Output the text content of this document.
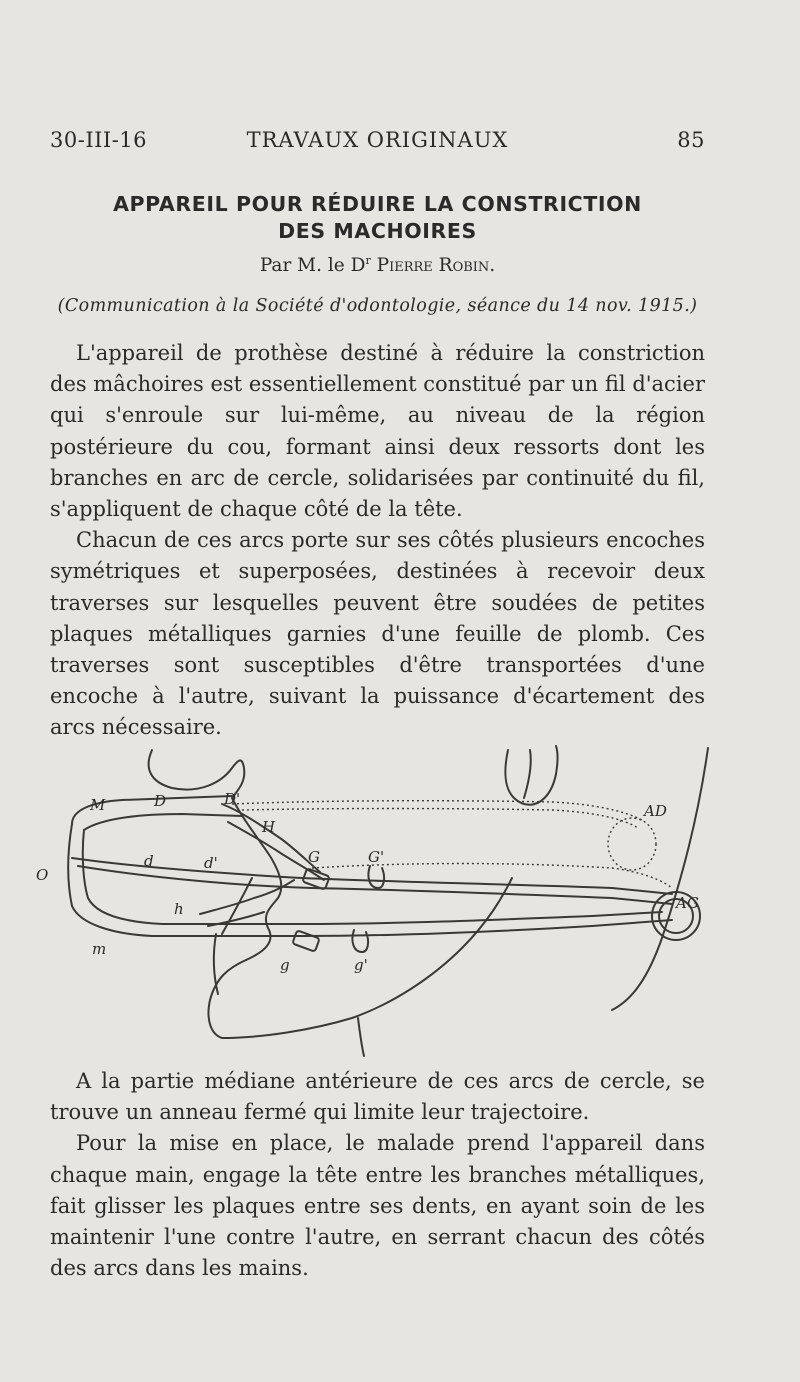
30-III-16	TRAVAUX ORIGINAUX	85
APPAREIL POUR RÉDUIRE LA CONSTRICTION
DES MACHOIRES
Par M. le $D^r$ Pierre Robin.
(Communication à la Société d'odontologie, séance du 14 nov. 1915.)

L'appareil de prothèse destiné à réduire la constriction des mâchoires est essentiellement constitué par un fil d'acier qui s'enroule sur lui-même, au niveau de la région postérieure du cou, formant ainsi deux ressorts dont les branches en arc de cercle, solidarisées par continuité du fil, s'appliquent de chaque côté de la tête.

Chacun de ces arcs porte sur ses côtés plusieurs encoches symétriques et superposées, destinées à recevoir deux traverses sur lesquelles peuvent être soudées de petites plaques métalliques garnies d'une feuille de plomb. Ces traverses sont susceptibles d'être transportées d'une encoche à l'autre, suivant la puissance d'écartement des arcs nécessaire.

M	D	D'
H
d	d'	G	G'
O
h
m
g	g'
AD
AG

A la partie médiane antérieure de ces arcs de cercle, se trouve un anneau fermé qui limite leur trajectoire.

Pour la mise en place, le malade prend l'appareil dans chaque main, engage la tête entre les branches métalliques, fait glisser les plaques entre ses dents, en ayant soin de les maintenir l'une contre l'autre, en serrant chacun des côtés des arcs dans les mains.
